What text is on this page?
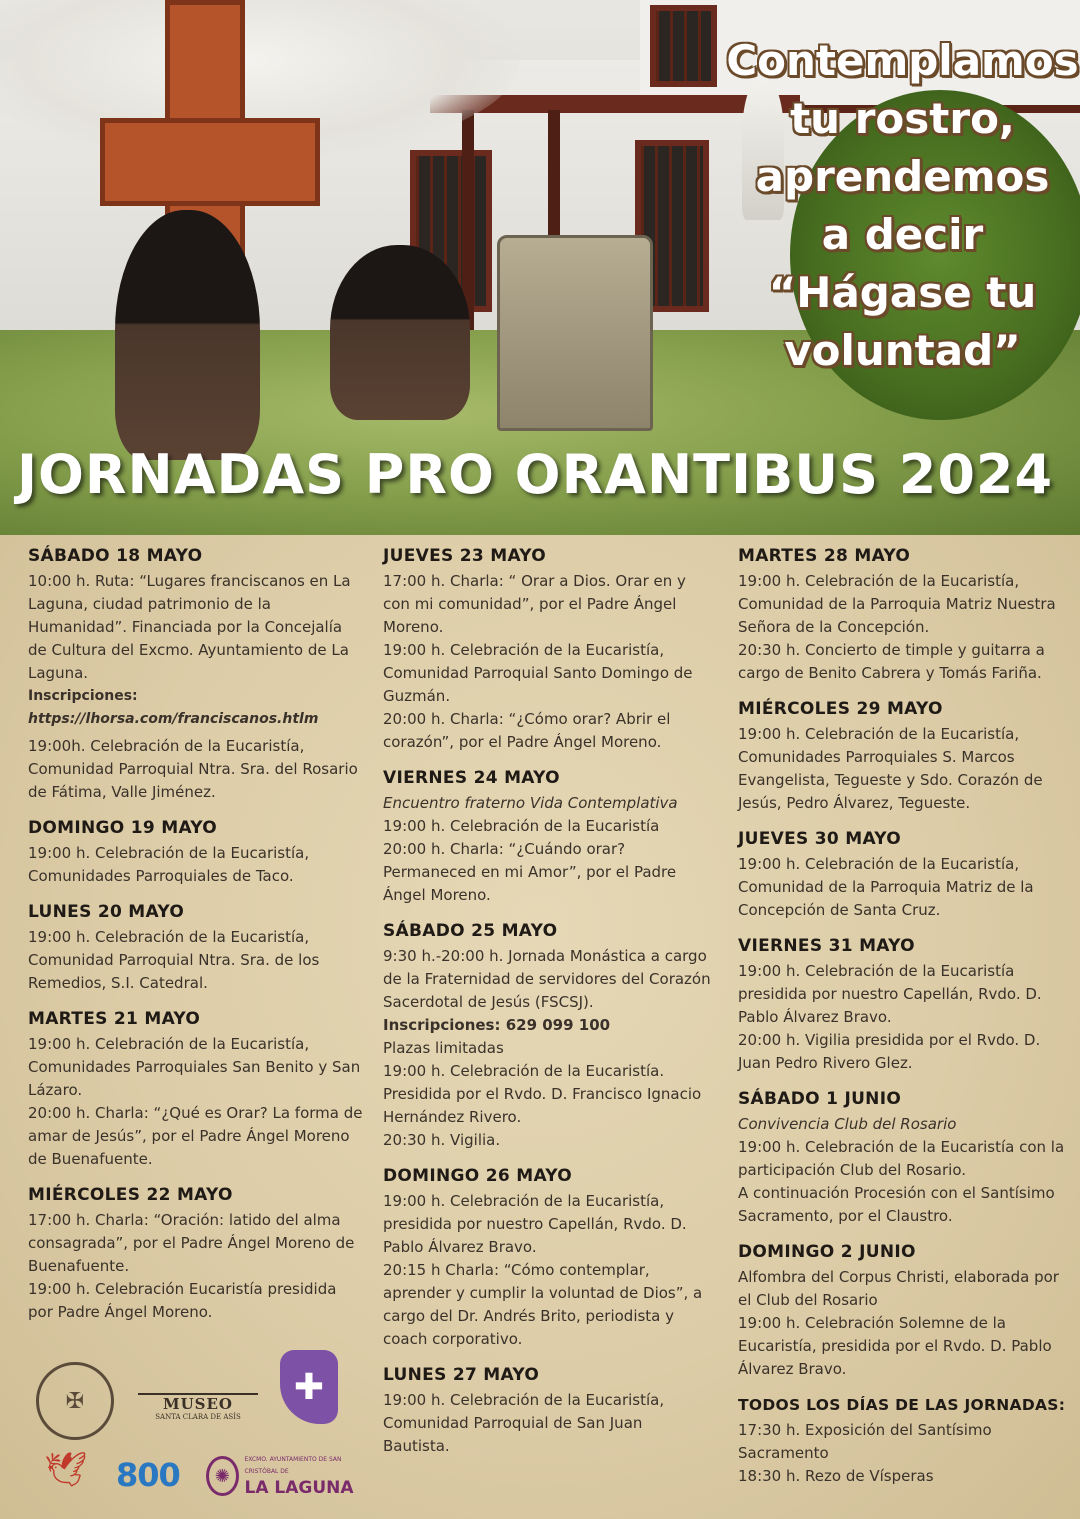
Contemplamos
tu rostro,
aprendemos
a decir
“Hágase tu
voluntad”
JORNADAS PRO ORANTIBUS 2024
SÁBADO 18 MAYO

10:00 h. Ruta: “Lugares franciscanos en La Laguna, ciudad patrimonio de la Humanidad”. Financiada por la Concejalía de Cultura del Excmo. Ayuntamiento de La Laguna.

Inscripciones:

https://lhorsa.com/franciscanos.htlm

19:00h. Celebración de la Eucaristía, Comunidad Parroquial Ntra. Sra. del Rosario de Fátima, Valle Jiménez.

DOMINGO 19 MAYO

19:00 h. Celebración de la Eucaristía, Comunidades Parroquiales de Taco.

LUNES 20 MAYO

19:00 h. Celebración de la Eucaristía, Comunidad Parroquial Ntra. Sra. de los Remedios, S.I. Catedral.

MARTES 21 MAYO

19:00 h. Celebración de la Eucaristía, Comunidades Parroquiales San Benito y San Lázaro.

20:00 h. Charla: “¿Qué es Orar? La forma de amar de Jesús”, por el Padre Ángel Moreno de Buenafuente.

MIÉRCOLES 22 MAYO

17:00 h. Charla: “Oración: latido del alma consagrada”, por el Padre Ángel Moreno de Buenafuente.

19:00 h. Celebración Eucaristía presidida por Padre Ángel Moreno.

JUEVES 23 MAYO

17:00 h. Charla: “ Orar a Dios. Orar en y con mi comunidad”, por el Padre Ángel Moreno.

19:00 h. Celebración de la Eucaristía, Comunidad Parroquial Santo Domingo de Guzmán.

20:00 h. Charla: “¿Cómo orar? Abrir el corazón”, por el Padre Ángel Moreno.

VIERNES 24 MAYO

Encuentro fraterno Vida Contemplativa

19:00 h. Celebración de la Eucaristía

20:00 h. Charla: “¿Cuándo orar? Permaneced en mi Amor”, por el Padre Ángel Moreno.

SÁBADO 25 MAYO

9:30 h.-20:00 h. Jornada Monástica a cargo de la Fraternidad de servidores del Corazón Sacerdotal de Jesús (FSCSJ).

Inscripciones: 629 099 100

Plazas limitadas

19:00 h. Celebración de la Eucaristía. Presidida por el Rvdo. D. Francisco Ignacio Hernández Rivero.

20:30 h. Vigilia.

DOMINGO 26 MAYO

19:00 h. Celebración de la Eucaristía, presidida por nuestro Capellán, Rvdo. D. Pablo Álvarez Bravo.

20:15 h Charla: “Cómo contemplar, aprender y cumplir la voluntad de Dios”, a cargo del Dr. Andrés Brito, periodista y coach corporativo.

LUNES 27 MAYO

19:00 h. Celebración de la Eucaristía, Comunidad Parroquial de San Juan Bautista.

MARTES 28 MAYO

19:00 h. Celebración de la Eucaristía, Comunidad de la Parroquia Matriz Nuestra Señora de la Concepción.

20:30 h. Concierto de timple y guitarra a cargo de Benito Cabrera y Tomás Fariña.

MIÉRCOLES 29 MAYO

19:00 h. Celebración de la Eucaristía, Comunidades Parroquiales S. Marcos Evangelista, Tegueste y Sdo. Corazón de Jesús, Pedro Álvarez, Tegueste.

JUEVES 30 MAYO

19:00 h. Celebración de la Eucaristía, Comunidad de la Parroquia Matriz de la Concepción de Santa Cruz.

VIERNES 31 MAYO

19:00 h. Celebración de la Eucaristía presidida por nuestro Capellán, Rvdo. D. Pablo Álvarez Bravo.

20:00 h. Vigilia presidida por el Rvdo. D. Juan Pedro Rivero Glez.

SÁBADO 1 JUNIO

Convivencia Club del Rosario

19:00 h. Celebración de la Eucaristía con la participación Club del Rosario.

A continuación Procesión con el Santísimo Sacramento, por el Claustro.

DOMINGO 2 JUNIO

Alfombra del Corpus Christi, elaborada por el Club del Rosario

19:00 h. Celebración Solemne de la Eucaristía, presidida por el Rvdo. D. Pablo Álvarez Bravo.

TODOS LOS DÍAS DE LAS JORNADAS:

17:30 h. Exposición del Santísimo Sacramento

18:30 h. Rezo de Vísperas

✠	MUSEO
SANTA CLARA DE ASÍS
✚
🕊 800	✺
EXCMO. AYUNTAMIENTO DE SAN CRISTÓBAL DE
LA LAGUNA
